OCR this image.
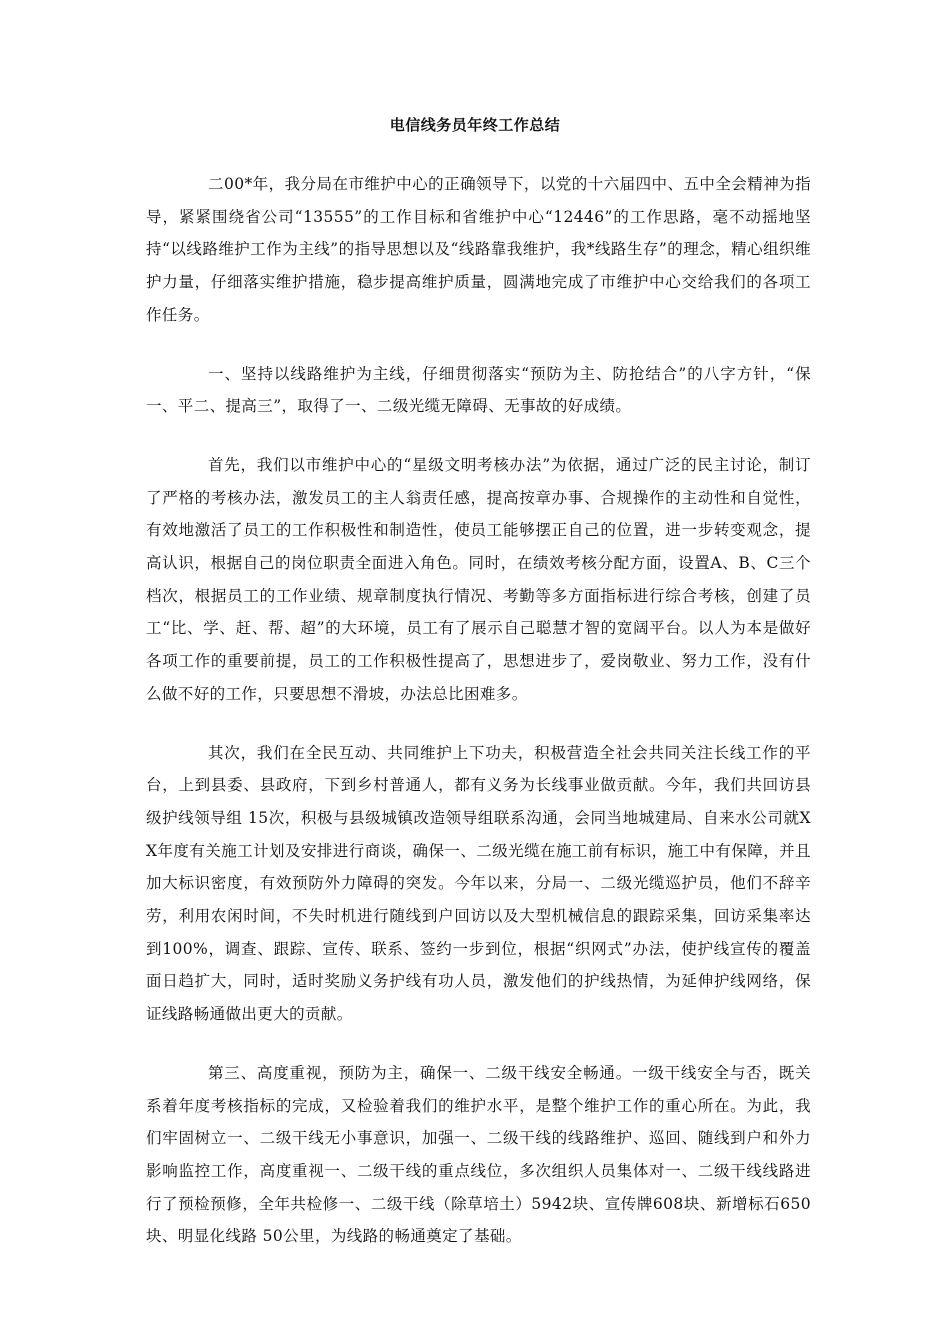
电信线务员年终工作总结

二00*年，我分局在市维护中心的正确领导下，以党的十六届四中、五中全会精神为指导，紧紧围绕省公司“13555”的工作目标和省维护中心“12446”的工作思路，毫不动摇地坚持“以线路维护工作为主线”的指导思想以及“线路靠我维护，我*线路生存”的理念，精心组织维护力量，仔细落实维护措施，稳步提高维护质量，圆满地完成了市维护中心交给我们的各项工作任务。

一、坚持以线路维护为主线，仔细贯彻落实“预防为主、防抢结合”的八字方针，“保一、平二、提高三”，取得了一、二级光缆无障碍、无事故的好成绩。

首先，我们以市维护中心的“星级文明考核办法”为依据，通过广泛的民主讨论，制订了严格的考核办法，激发员工的主人翁责任感，提高按章办事、合规操作的主动性和自觉性，有效地激活了员工的工作积极性和制造性，使员工能够摆正自己的位置，进一步转变观念，提高认识，根据自己的岗位职责全面进入角色。同时，在绩效考核分配方面，设置A、B、C三个档次，根据员工的工作业绩、规章制度执行情况、考勤等多方面指标进行综合考核，创建了员工“比、学、赶、帮、超”的大环境，员工有了展示自己聪慧才智的宽阔平台。以人为本是做好各项工作的重要前提，员工的工作积极性提高了，思想进步了，爱岗敬业、努力工作，没有什么做不好的工作，只要思想不滑坡，办法总比困难多。

其次，我们在全民互动、共同维护上下功夫，积极营造全社会共同关注长线工作的平台，上到县委、县政府，下到乡村普通人，都有义务为长线事业做贡献。今年，我们共回访县级护线领导组 15次，积极与县级城镇改造领导组联系沟通，会同当地城建局、自来水公司就XX年度有关施工计划及安排进行商谈，确保一、二级光缆在施工前有标识，施工中有保障，并且加大标识密度，有效预防外力障碍的突发。今年以来，分局一、二级光缆巡护员，他们不辞辛劳，利用农闲时间，不失时机进行随线到户回访以及大型机械信息的跟踪采集，回访采集率达到100%，调查、跟踪、宣传、联系、签约一步到位，根据“织网式”办法，使护线宣传的覆盖面日趋扩大，同时，适时奖励义务护线有功人员，激发他们的护线热情，为延伸护线网络，保证线路畅通做出更大的贡献。

第三、高度重视，预防为主，确保一、二级干线安全畅通。一级干线安全与否，既关系着年度考核指标的完成，又检验着我们的维护水平，是整个维护工作的重心所在。为此，我们牢固树立一、二级干线无小事意识，加强一、二级干线的线路维护、巡回、随线到户和外力影响监控工作，高度重视一、二级干线的重点线位，多次组织人员集体对一、二级干线线路进行了预检预修，全年共检修一、二级干线（除草培土）5942块、宣传牌608块、新增标石650块、明显化线路 50公里，为线路的畅通奠定了基础。
